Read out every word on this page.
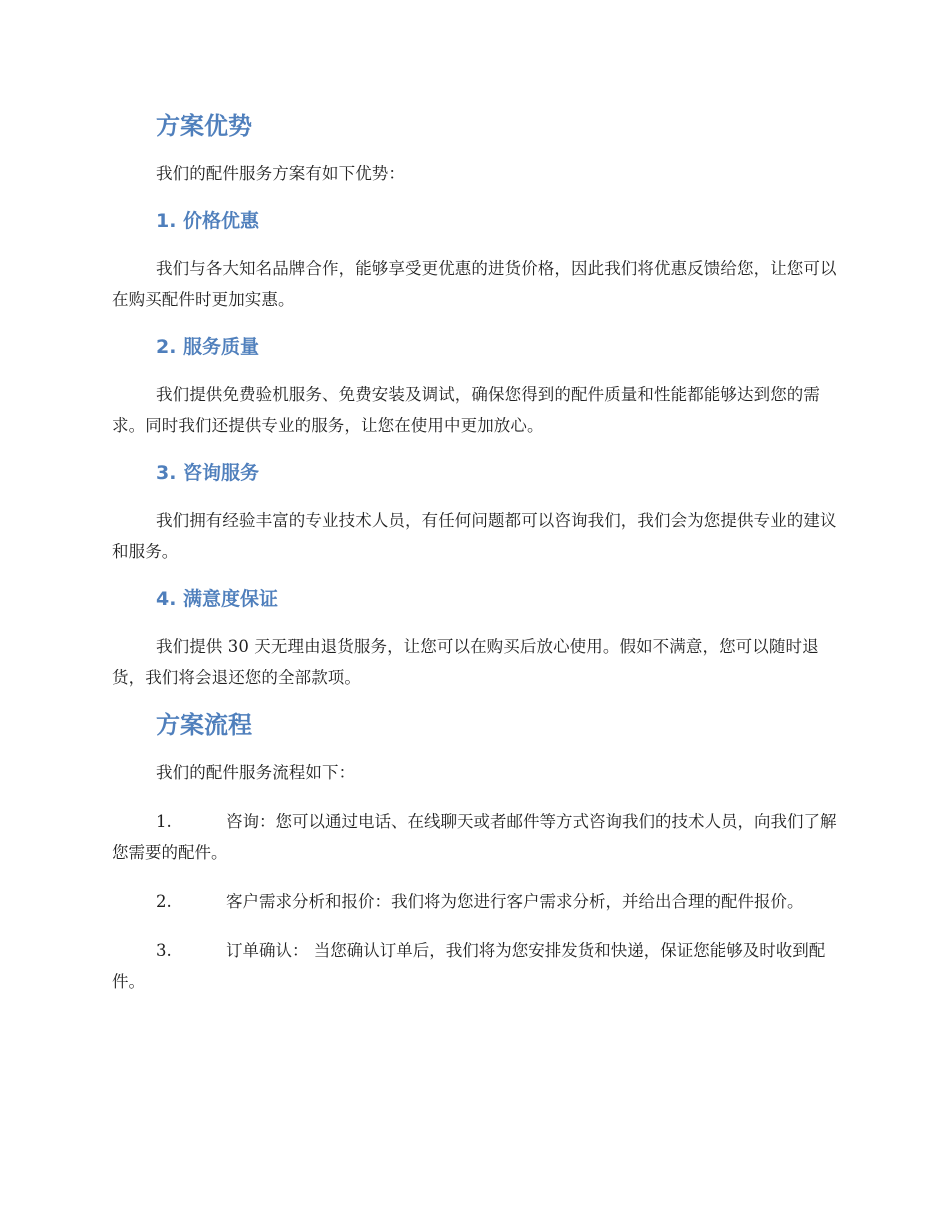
方案优势

我们的配件服务方案有如下优势：

1. 价格优惠

我们与各大知名品牌合作，能够享受更优惠的进货价格，因此我们将优惠反馈给您，让您可以在购买配件时更加实惠。

2. 服务质量

我们提供免费验机服务、免费安装及调试，确保您得到的配件质量和性能都能够达到您的需求。同时我们还提供专业的服务，让您在使用中更加放心。

3. 咨询服务

我们拥有经验丰富的专业技术人员，有任何问题都可以咨询我们，我们会为您提供专业的建议和服务。

4. 满意度保证

我们提供 30 天无理由退货服务，让您可以在购买后放心使用。假如不满意，您可以随时退货，我们将会退还您的全部款项。

方案流程

我们的配件服务流程如下：

1.	咨询：您可以通过电话、在线聊天或者邮件等方式咨询我们的技术人员，向我们了解您需要的配件。

2.	客户需求分析和报价：我们将为您进行客户需求分析，并给出合理的配件报价。

3.	订单确认： 当您确认订单后，我们将为您安排发货和快递，保证您能够及时收到配件。
